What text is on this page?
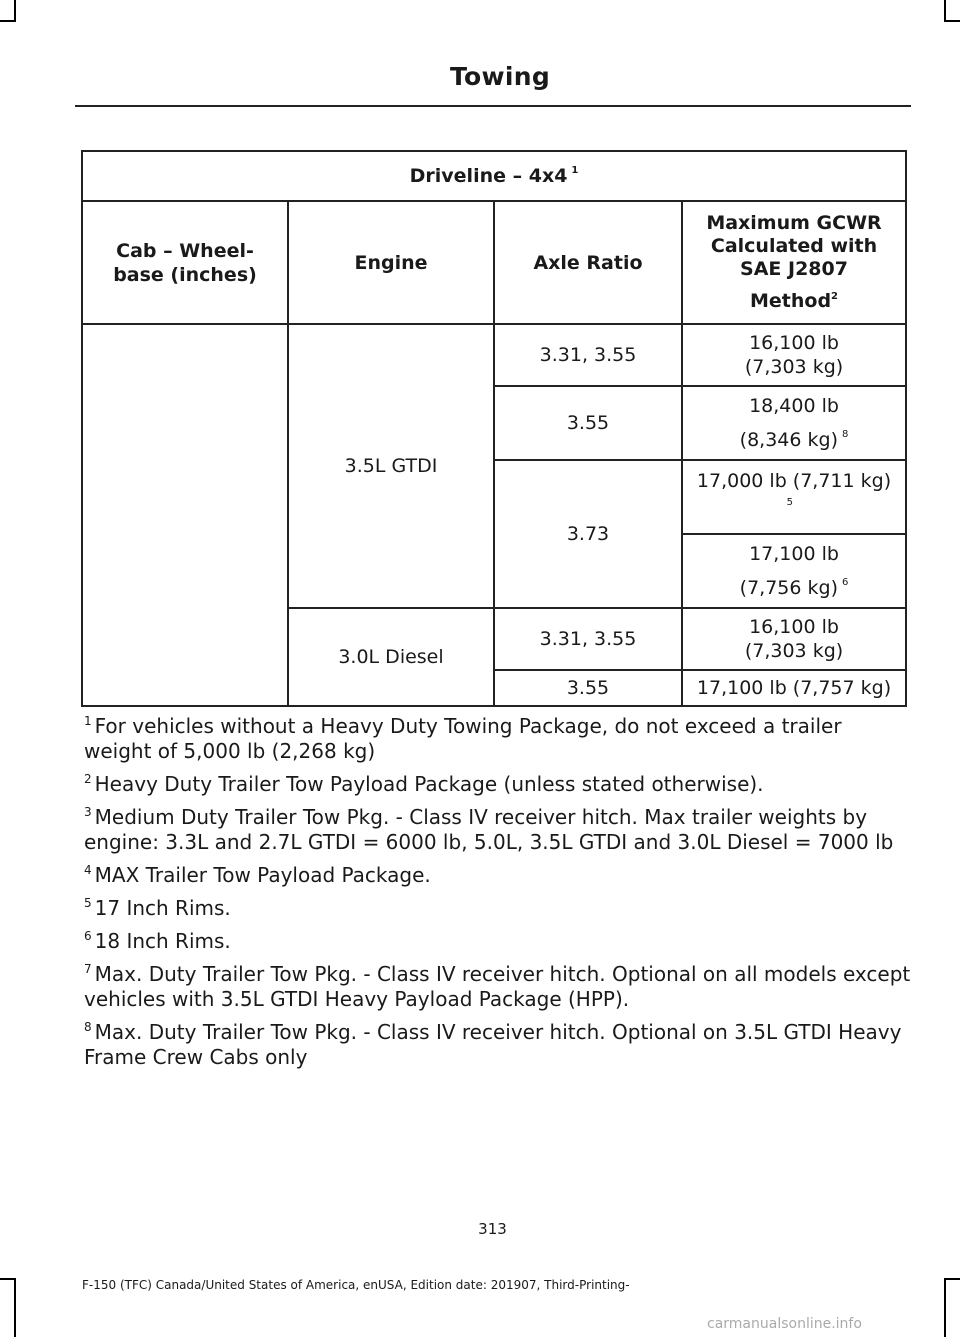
Towing
Driveline – 4x4 $^1$
Cab – Wheel-base (inches)	Engine	Axle Ratio	Maximum GCWR Calculated with SAE J2807
Method$^2$

	3.5L GTDI	3.31, 3.55	16,100 lb
(7,303 kg)

		3.55	18,400 lb
(8,346 kg) $^8$

		3.73	17,000 lb (7,711 kg)
5

			17,100 lb
(7,756 kg) $^6$

	3.0L Diesel	3.31, 3.55	16,100 lb
(7,303 kg)

		3.55	17,100 lb (7,757 kg)

$^1$ For vehicles without a Heavy Duty Towing Package, do not exceed a trailer weight of 5,000 lb (2,268 kg)

$^2$ Heavy Duty Trailer Tow Payload Package (unless stated otherwise).

$^3$ Medium Duty Trailer Tow Pkg. - Class IV receiver hitch. Max trailer weights by engine: 3.3L and 2.7L GTDI = 6000 lb, 5.0L, 3.5L GTDI and 3.0L Diesel = 7000 lb

$^4$ MAX Trailer Tow Payload Package.

$^5$ 17 Inch Rims.

$^6$ 18 Inch Rims.

$^7$ Max. Duty Trailer Tow Pkg. - Class IV receiver hitch. Optional on all models except vehicles with 3.5L GTDI Heavy Payload Package (HPP).

$^8$ Max. Duty Trailer Tow Pkg. - Class IV receiver hitch. Optional on 3.5L GTDI Heavy Frame Crew Cabs only

313
F-150 (TFC) Canada/United States of America, enUSA, Edition date: 201907, Third-Printing-
carmanualsonline.info
